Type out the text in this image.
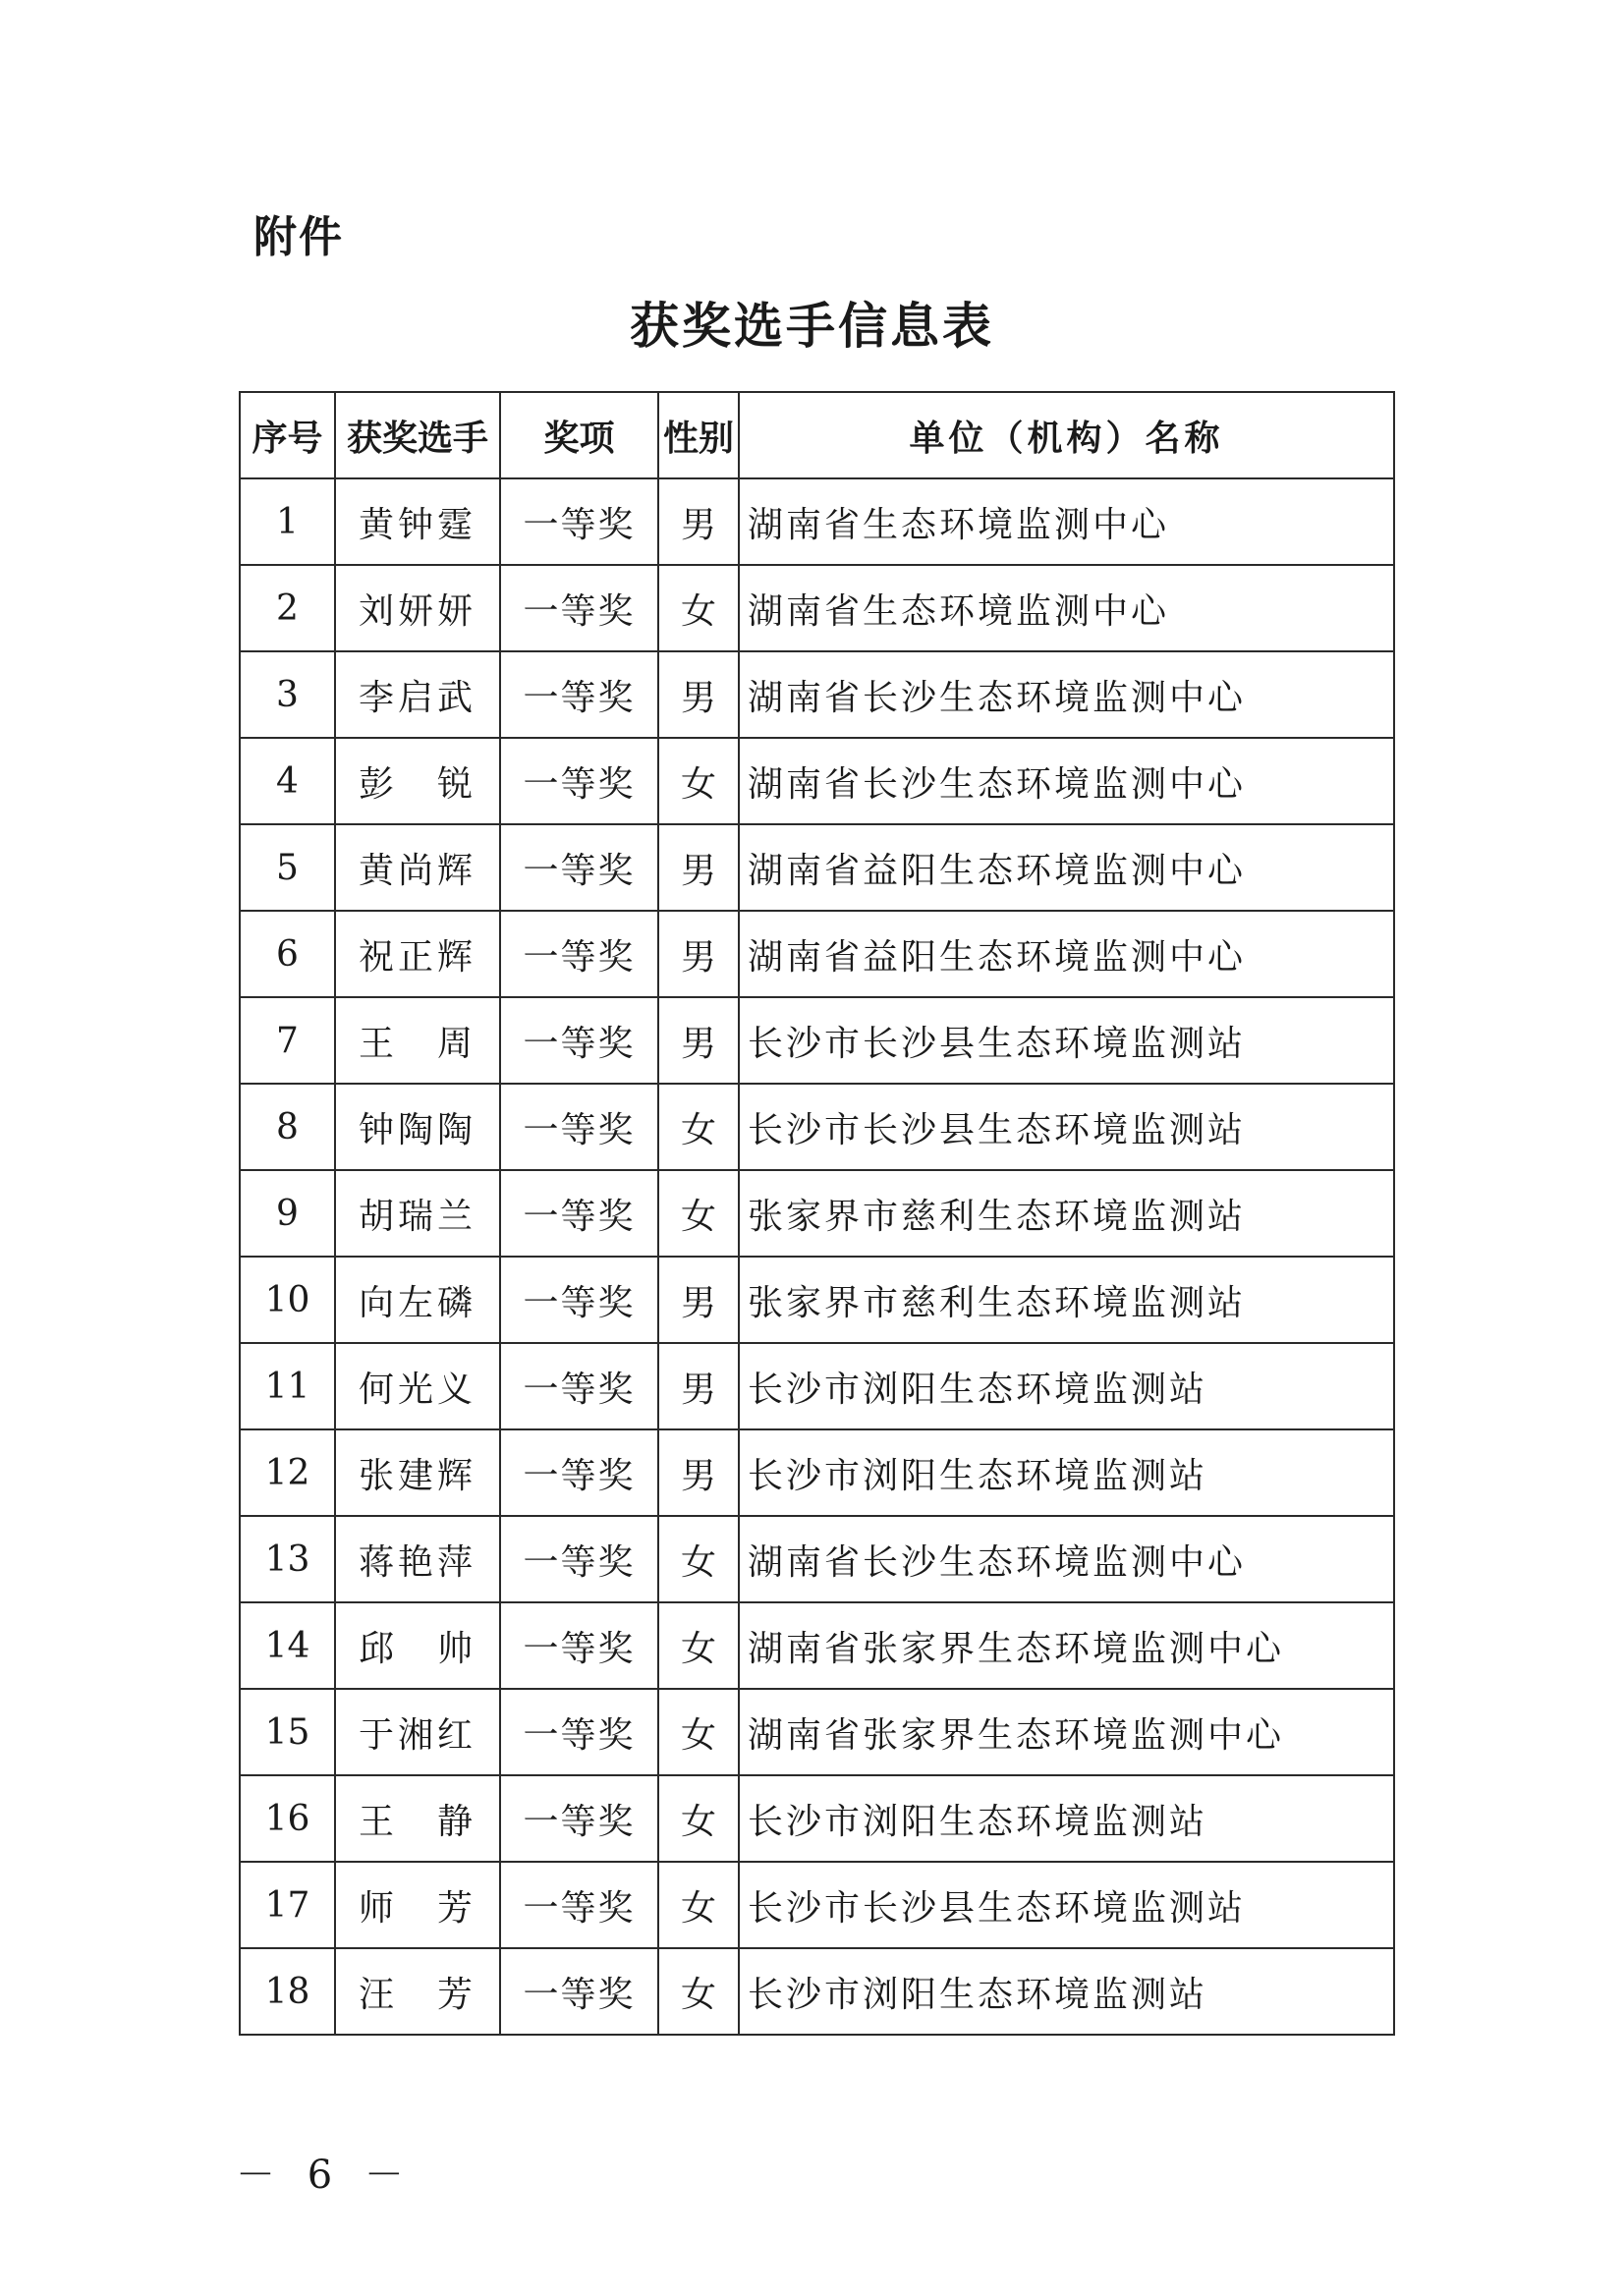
附件
获奖选手信息表
序号	获奖选手	奖项	性别	单位（机构）名称
1	黄钟霆	一等奖	男	湖南省生态环境监测中心
2	刘妍妍	一等奖	女	湖南省生态环境监测中心
3	李启武	一等奖	男	湖南省长沙生态环境监测中心
4	彭　锐	一等奖	女	湖南省长沙生态环境监测中心
5	黄尚辉	一等奖	男	湖南省益阳生态环境监测中心
6	祝正辉	一等奖	男	湖南省益阳生态环境监测中心
7	王　周	一等奖	男	长沙市长沙县生态环境监测站
8	钟陶陶	一等奖	女	长沙市长沙县生态环境监测站
9	胡瑞兰	一等奖	女	张家界市慈利生态环境监测站
10	向左磷	一等奖	男	张家界市慈利生态环境监测站
11	何光义	一等奖	男	长沙市浏阳生态环境监测站
12	张建辉	一等奖	男	长沙市浏阳生态环境监测站
13	蒋艳萍	一等奖	女	湖南省长沙生态环境监测中心
14	邱　帅	一等奖	女	湖南省张家界生态环境监测中心
15	于湘红	一等奖	女	湖南省张家界生态环境监测中心
16	王　静	一等奖	女	长沙市浏阳生态环境监测站
17	师　芳	一等奖	女	长沙市长沙县生态环境监测站
18	汪　芳	一等奖	女	长沙市浏阳生态环境监测站
－ 6 －
